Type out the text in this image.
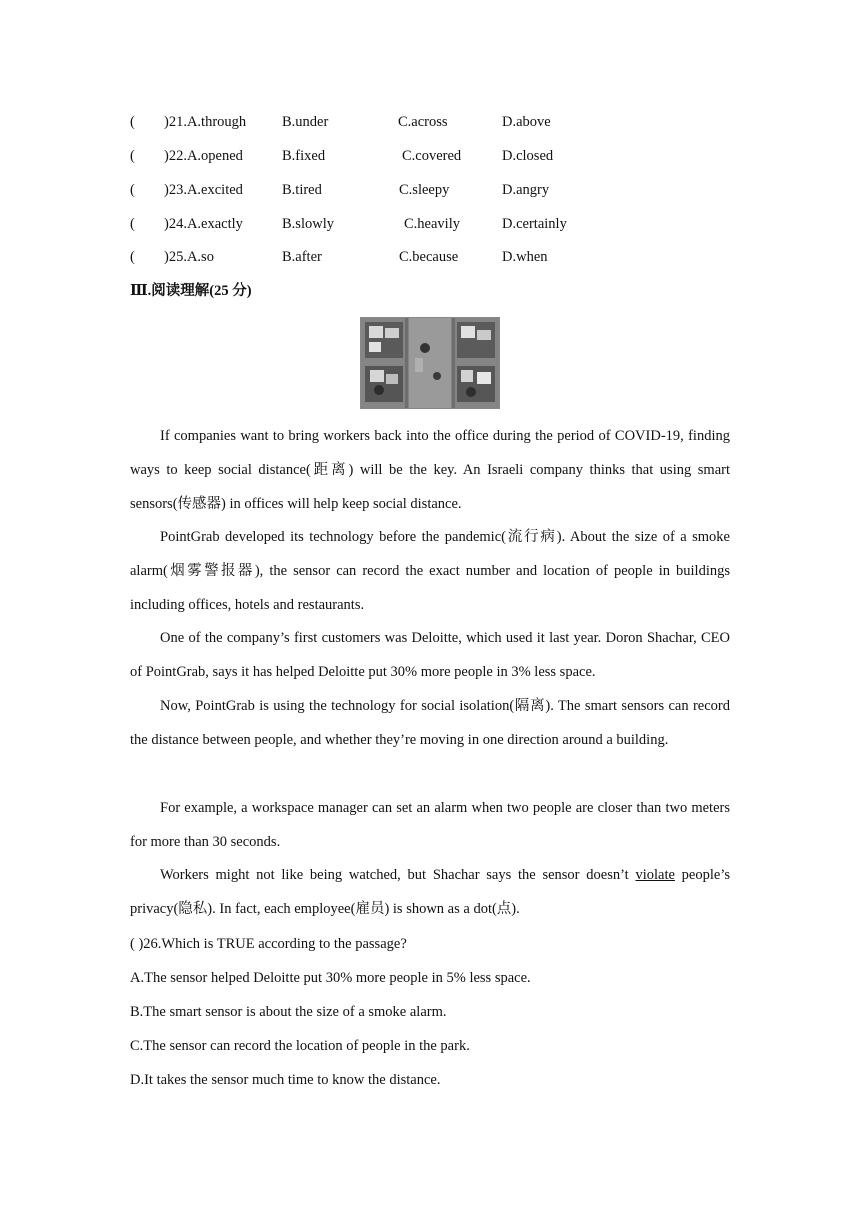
( )21.A.through B.under	C.across	D.above
( )22.A.opened	B.fixed	C.covered	D.closed
( )23.A.excited	B.tired	C.sleepy	D.angry
( )24.A.exactly	B.slowly	C.heavily	D.certainly
( )25.A.so	B.after	C.because	D.when
Ⅲ.阅读理解(25 分)

If companies want to bring workers back into the office during the period of COVID-19, finding ways to keep social distance(距离) will be the key. An Israeli company thinks that using smart sensors(传感器) in offices will help keep social distance.

PointGrab developed its technology before the pandemic(流行病). About the size of a smoke alarm(烟雾警报器), the sensor can record the exact number and location of people in buildings including offices, hotels and restaurants.

One of the company’s first customers was Deloitte, which used it last year. Doron Shachar, CEO of PointGrab, says it has helped Deloitte put 30% more people in 3% less space.

Now, PointGrab is using the technology for social isolation(隔离). The smart sensors can record the distance between people, and whether they’re moving in one direction around a building.

For example, a workspace manager can set an alarm when two people are closer than two meters for more than 30 seconds.

Workers might not like being watched, but Shachar says the sensor doesn’t violate people’s privacy(隐私). In fact, each employee(雇员) is shown as a dot(点).

( )26.Which is TRUE according to the passage?
A.The sensor helped Deloitte put 30% more people in 5% less space.
B.The smart sensor is about the size of a smoke alarm.
C.The sensor can record the location of people in the park.
D.It takes the sensor much time to know the distance.
